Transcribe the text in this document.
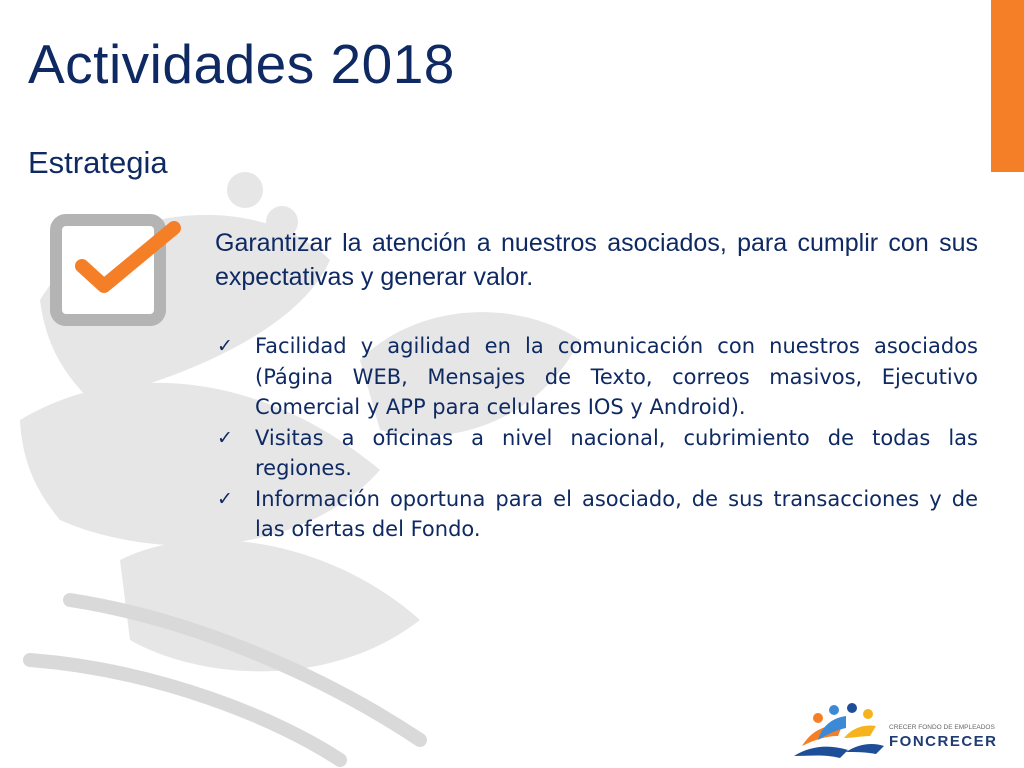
Actividades 2018
Estrategia

Garantizar la atención a nuestros asociados, para cumplir con sus expectativas y generar valor.

✓ Facilidad y agilidad en la comunicación con nuestros asociados (Página WEB, Mensajes de Texto, correos masivos, Ejecutivo Comercial y APP para celulares IOS y Android).
✓ Visitas a oficinas a nivel nacional, cubrimiento de todas las regiones.
✓ Información oportuna para el asociado, de sus transacciones y de las ofertas del Fondo.
CRECER FONDO DE EMPLEADOS
FONCRECER
